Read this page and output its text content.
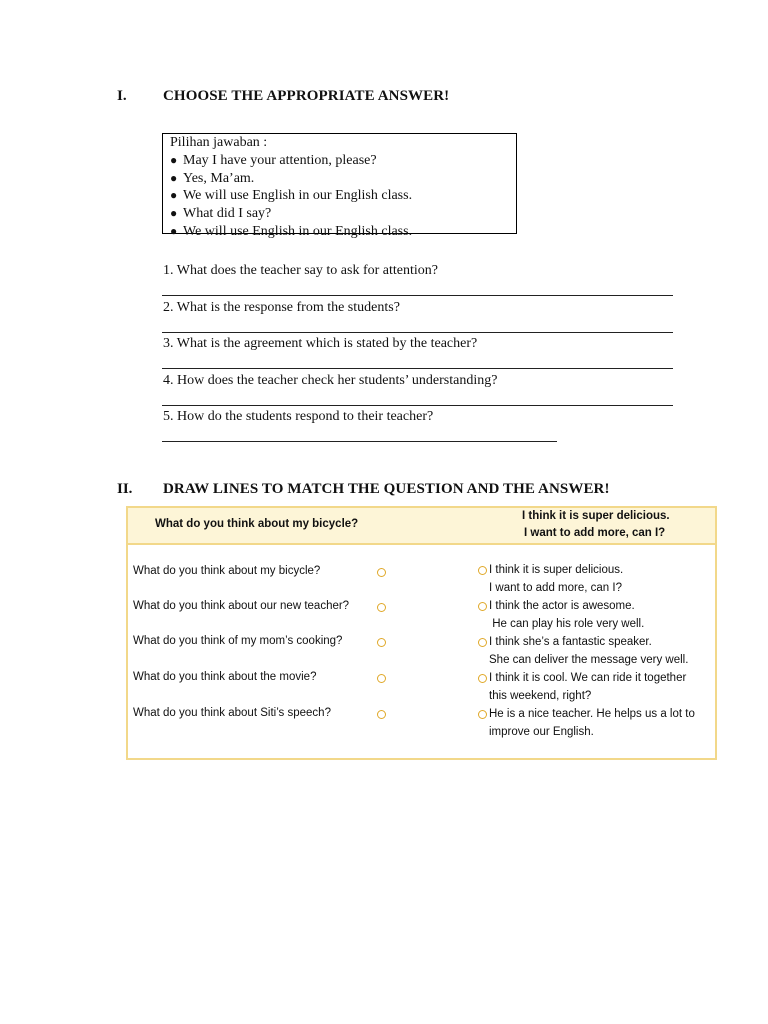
I. CHOOSE THE APPROPRIATE ANSWER!
Pilihan jawaban :
● May I have your attention, please?
● Yes, Ma’am.
● We will use English in our English class.
● What did I say?
● We will use English in our English class.
1. What does the teacher say to ask for attention?
2. What is the response from the students?
3. What is the agreement which is stated by the teacher?
4. How does the teacher check her students’ understanding?
5. How do the students respond to their teacher?
II. DRAW LINES TO MATCH THE QUESTION AND THE ANSWER!
What do you think about my bicycle?
I think it is super delicious.
I want to add more, can I?
What do you think about my bicycle?
What do you think about our new teacher?
What do you think of my mom’s cooking?
What do you think about the movie?
What do you think about Siti’s speech?
I think it is super delicious.
I want to add more, can I?
I think the actor is awesome.
He can play his role very well.
I think she’s a fantastic speaker.
She can deliver the message very well.
I think it is cool. We can ride it together
this weekend, right?
He is a nice teacher. He helps us a lot to
improve our English.
